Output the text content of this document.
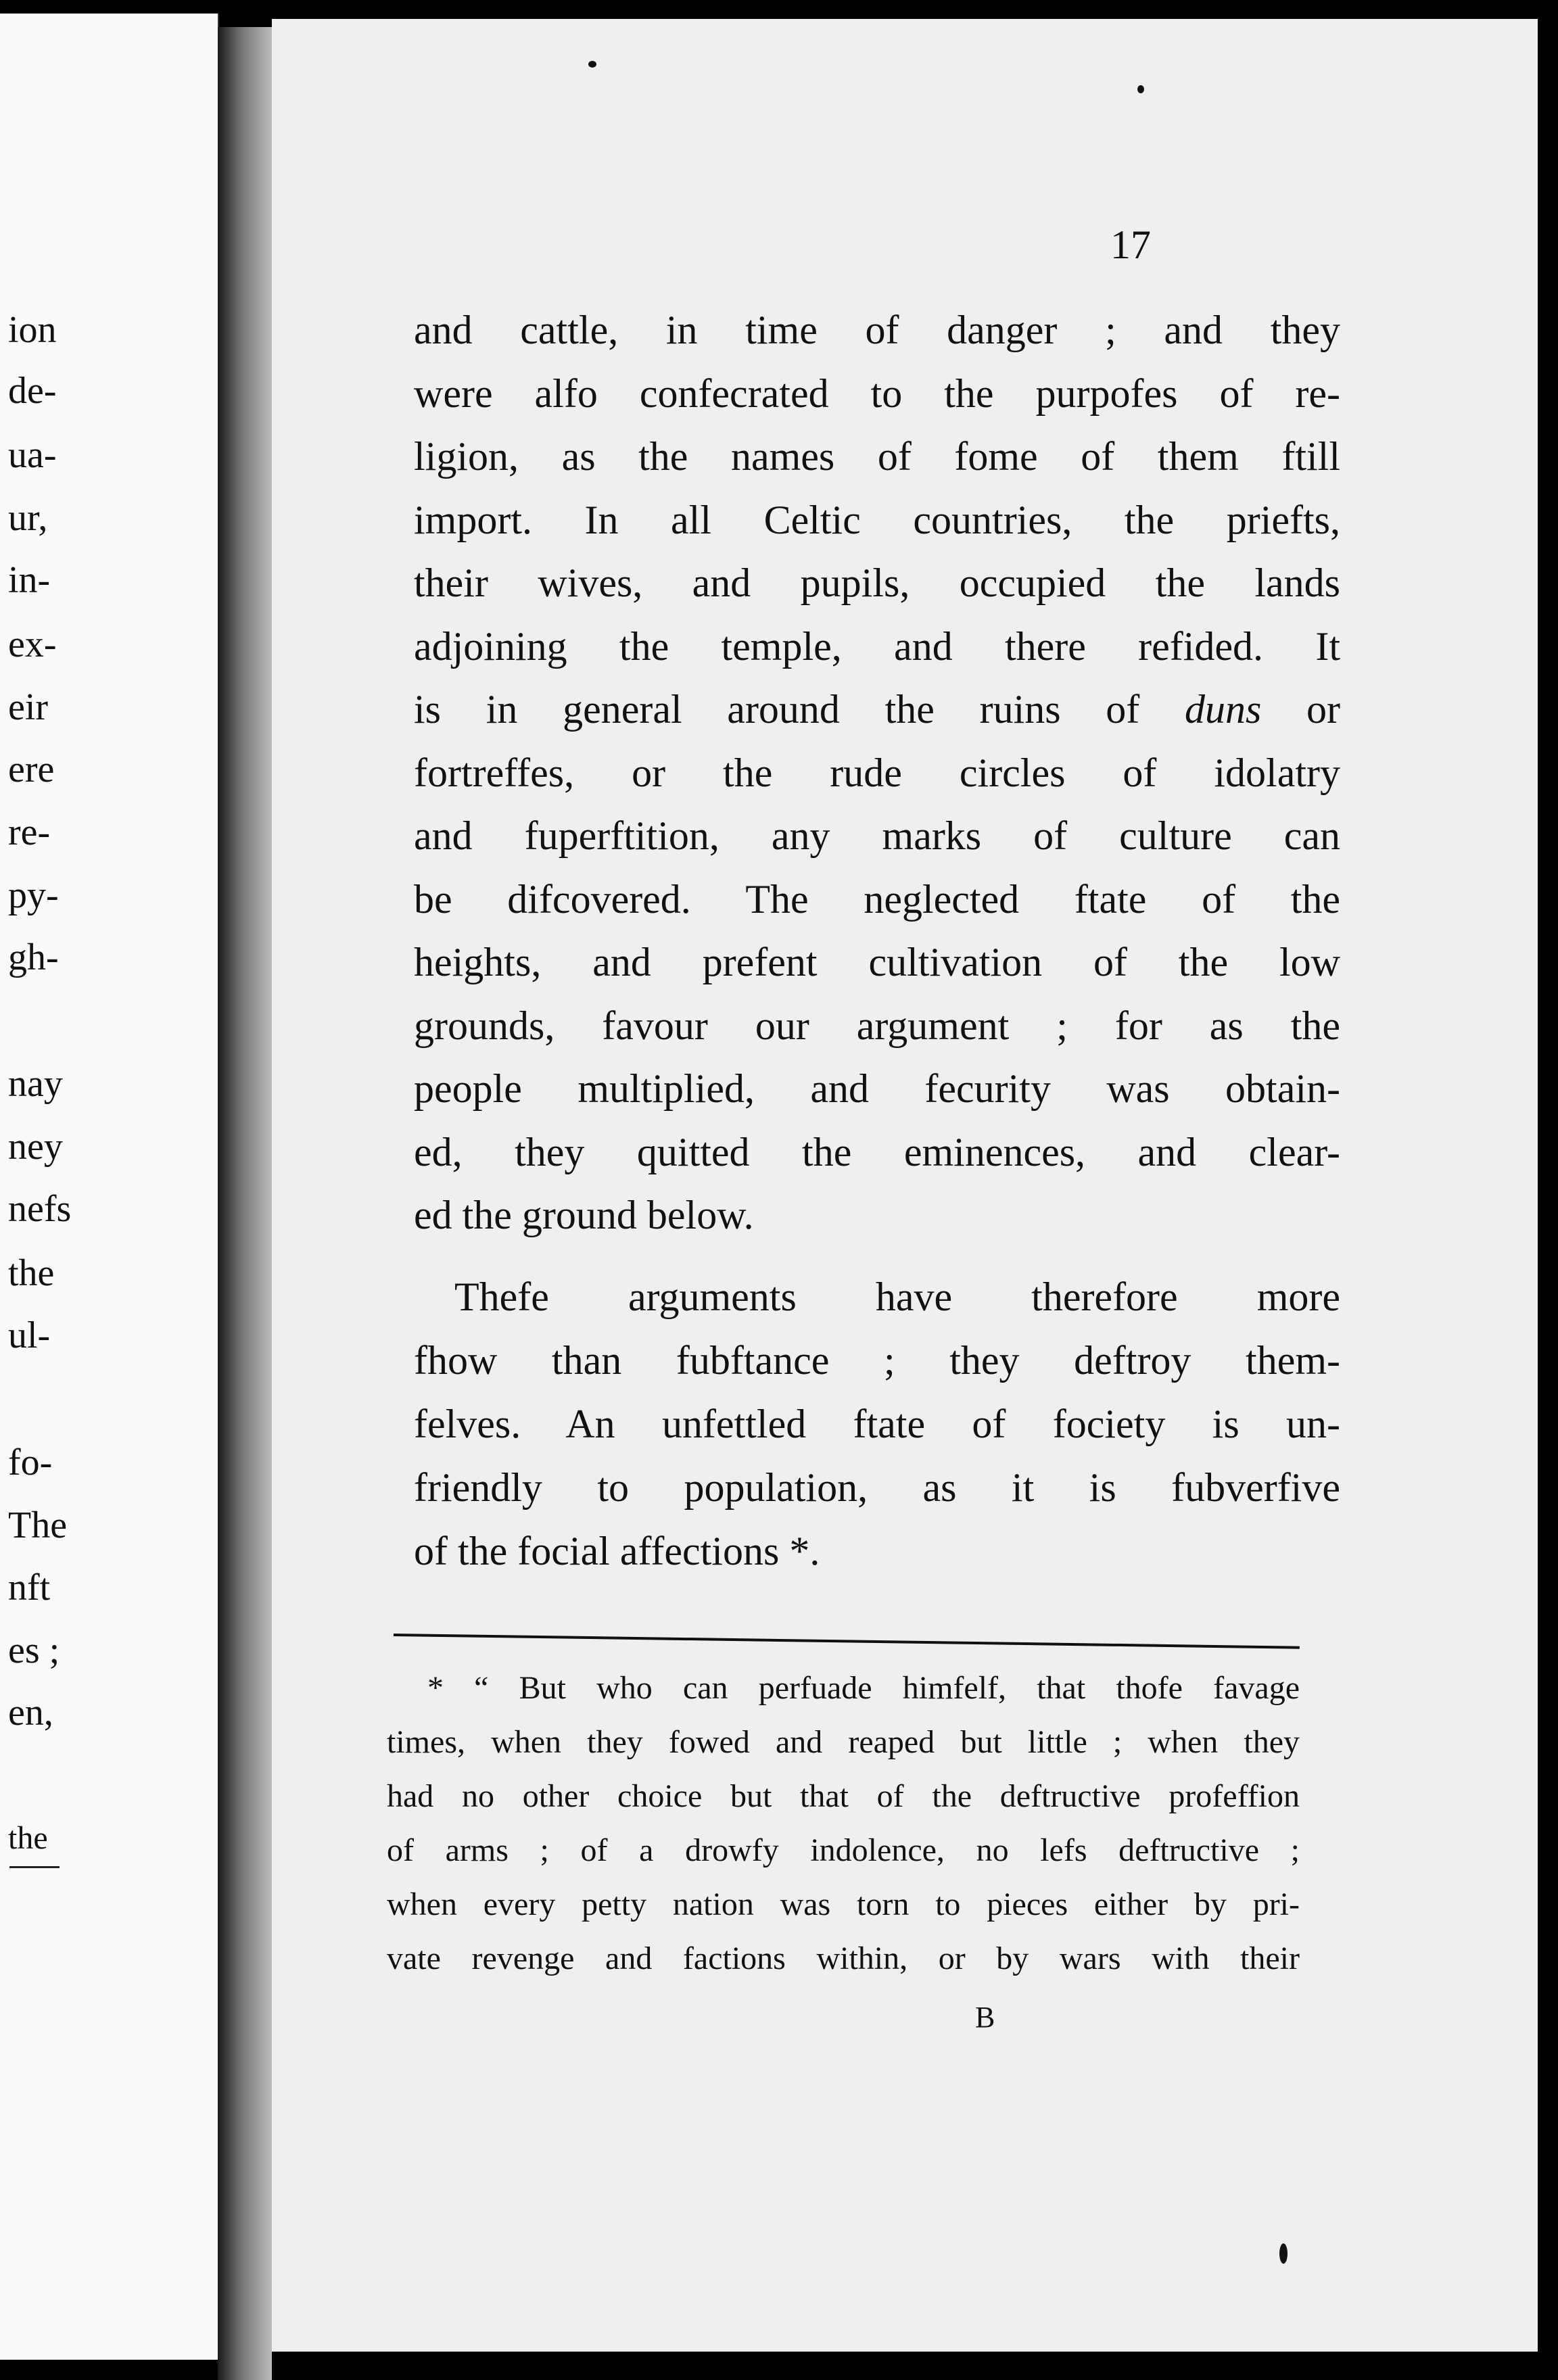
ion
de-
ua-
ur,
in-
ex-
eir
ere
re-
py-
gh-
nay
ney
nefs
the
ul-
fo-
The
nft
es ;
en,
the
17
and cattle, in time of danger ; and they
were alfo confecrated to the purpofes of re-
ligion, as the names of fome of them ftill
import. In all Celtic countries, the priefts,
their wives, and pupils, occupied the lands
adjoining the temple, and there refided. It
is in general around the ruins of duns or
fortreffes, or the rude circles of idolatry
and fuperftition, any marks of culture can
be difcovered. The neglected ftate of the
heights, and prefent cultivation of the low
grounds, favour our argument ; for as the
people multiplied, and fecurity was obtain-
ed, they quitted the eminences, and clear-
ed the ground below.
Thefe arguments have therefore more
fhow than fubftance ; they deftroy them-
felves. An unfettled ftate of fociety is un-
friendly to population, as it is fubverfive
of the focial affections *.
* “ But who can perfuade himfelf, that thofe favage
times, when they fowed and reaped but little ; when they
had no other choice but that of the deftructive profeffion
of arms ; of a drowfy indolence, no lefs deftructive ;
when every petty nation was torn to pieces either by pri-
vate revenge and factions within, or by wars with their
B
